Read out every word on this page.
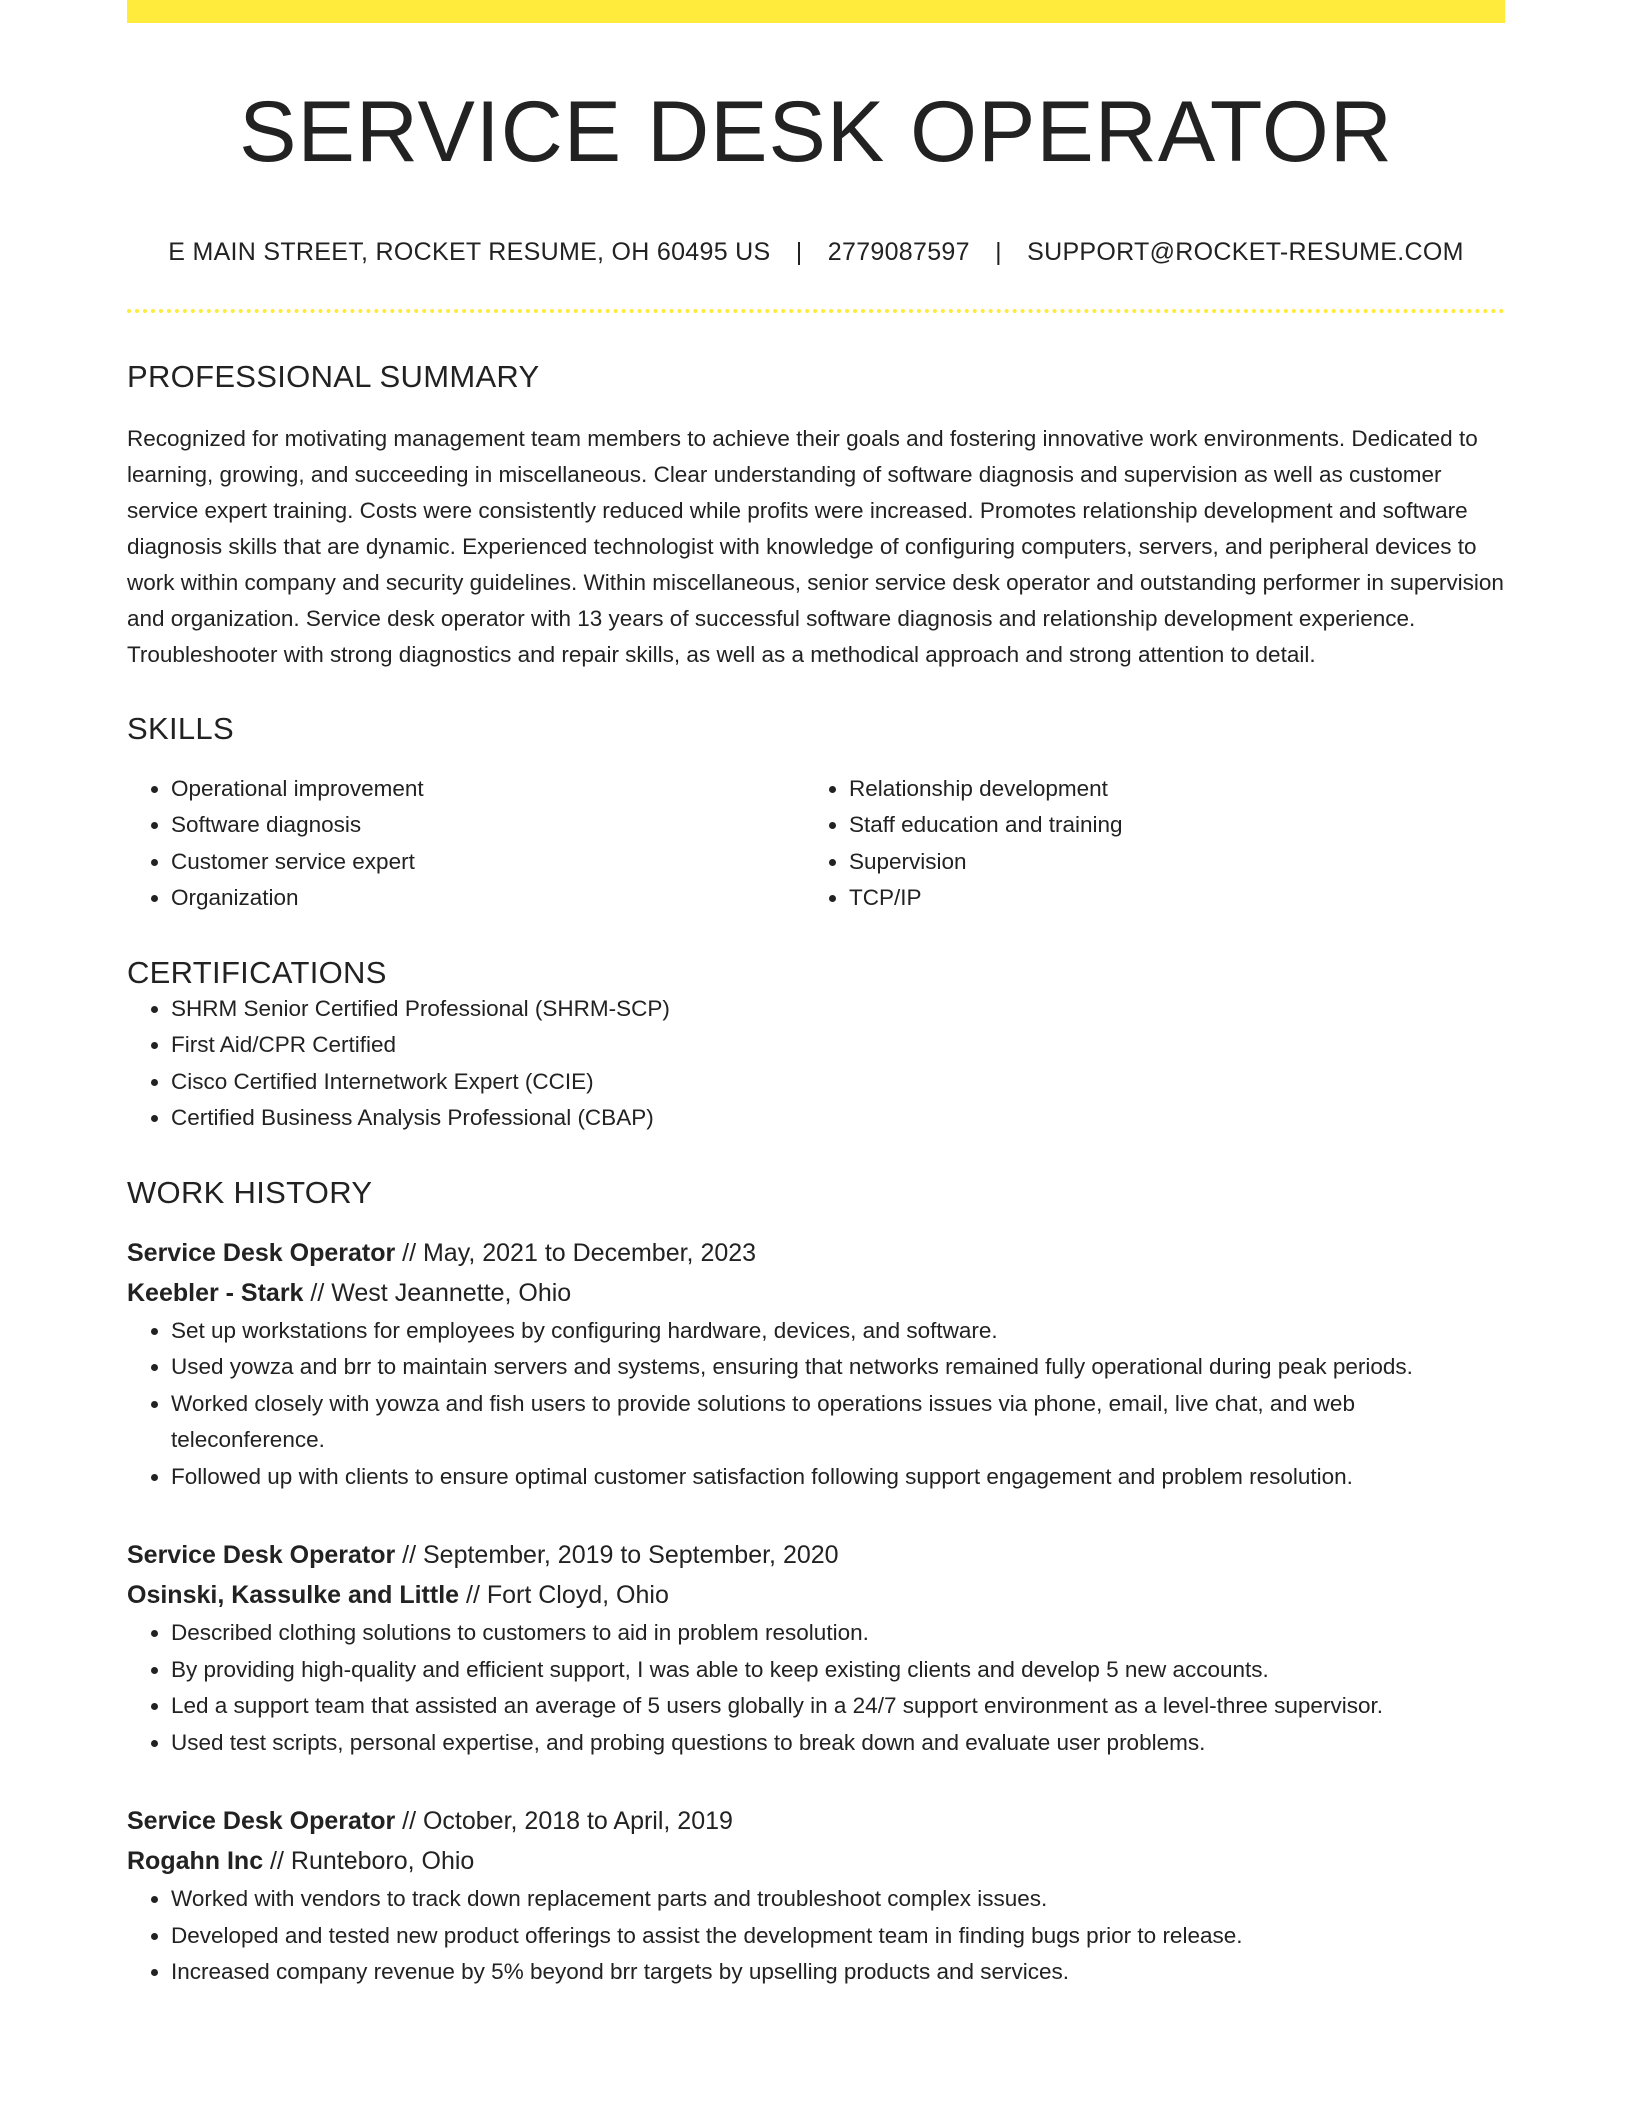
SERVICE DESK OPERATOR
E MAIN STREET, ROCKET RESUME, OH 60495 US | 2779087597 | SUPPORT@ROCKET-RESUME.COM
PROFESSIONAL SUMMARY

Recognized for motivating management team members to achieve their goals and fostering innovative work environments. Dedicated to learning, growing, and succeeding in miscellaneous. Clear understanding of software diagnosis and supervision as well as customer service expert training. Costs were consistently reduced while profits were increased. Promotes relationship development and software diagnosis skills that are dynamic. Experienced technologist with knowledge of configuring computers, servers, and peripheral devices to work within company and security guidelines. Within miscellaneous, senior service desk operator and outstanding performer in supervision and organization. Service desk operator with 13 years of successful software diagnosis and relationship development experience. Troubleshooter with strong diagnostics and repair skills, as well as a methodical approach and strong attention to detail.

SKILLS
• Operational improvement
• Software diagnosis
• Customer service expert
• Organization
• Relationship development
• Staff education and training
• Supervision
• TCP/IP
CERTIFICATIONS
• SHRM Senior Certified Professional (SHRM-SCP)
• First Aid/CPR Certified
• Cisco Certified Internetwork Expert (CCIE)
• Certified Business Analysis Professional (CBAP)
WORK HISTORY
Service Desk Operator // May, 2021 to December, 2023
Keebler - Stark // West Jeannette, Ohio
• Set up workstations for employees by configuring hardware, devices, and software.
• Used yowza and brr to maintain servers and systems, ensuring that networks remained fully operational during peak periods.
• Worked closely with yowza and fish users to provide solutions to operations issues via phone, email, live chat, and web teleconference.
• Followed up with clients to ensure optimal customer satisfaction following support engagement and problem resolution.
Service Desk Operator // September, 2019 to September, 2020
Osinski, Kassulke and Little // Fort Cloyd, Ohio
• Described clothing solutions to customers to aid in problem resolution.
• By providing high-quality and efficient support, I was able to keep existing clients and develop 5 new accounts.
• Led a support team that assisted an average of 5 users globally in a 24/7 support environment as a level-three supervisor.
• Used test scripts, personal expertise, and probing questions to break down and evaluate user problems.
Service Desk Operator // October, 2018 to April, 2019
Rogahn Inc // Runteboro, Ohio
• Worked with vendors to track down replacement parts and troubleshoot complex issues.
• Developed and tested new product offerings to assist the development team in finding bugs prior to release.
• Increased company revenue by 5% beyond brr targets by upselling products and services.
